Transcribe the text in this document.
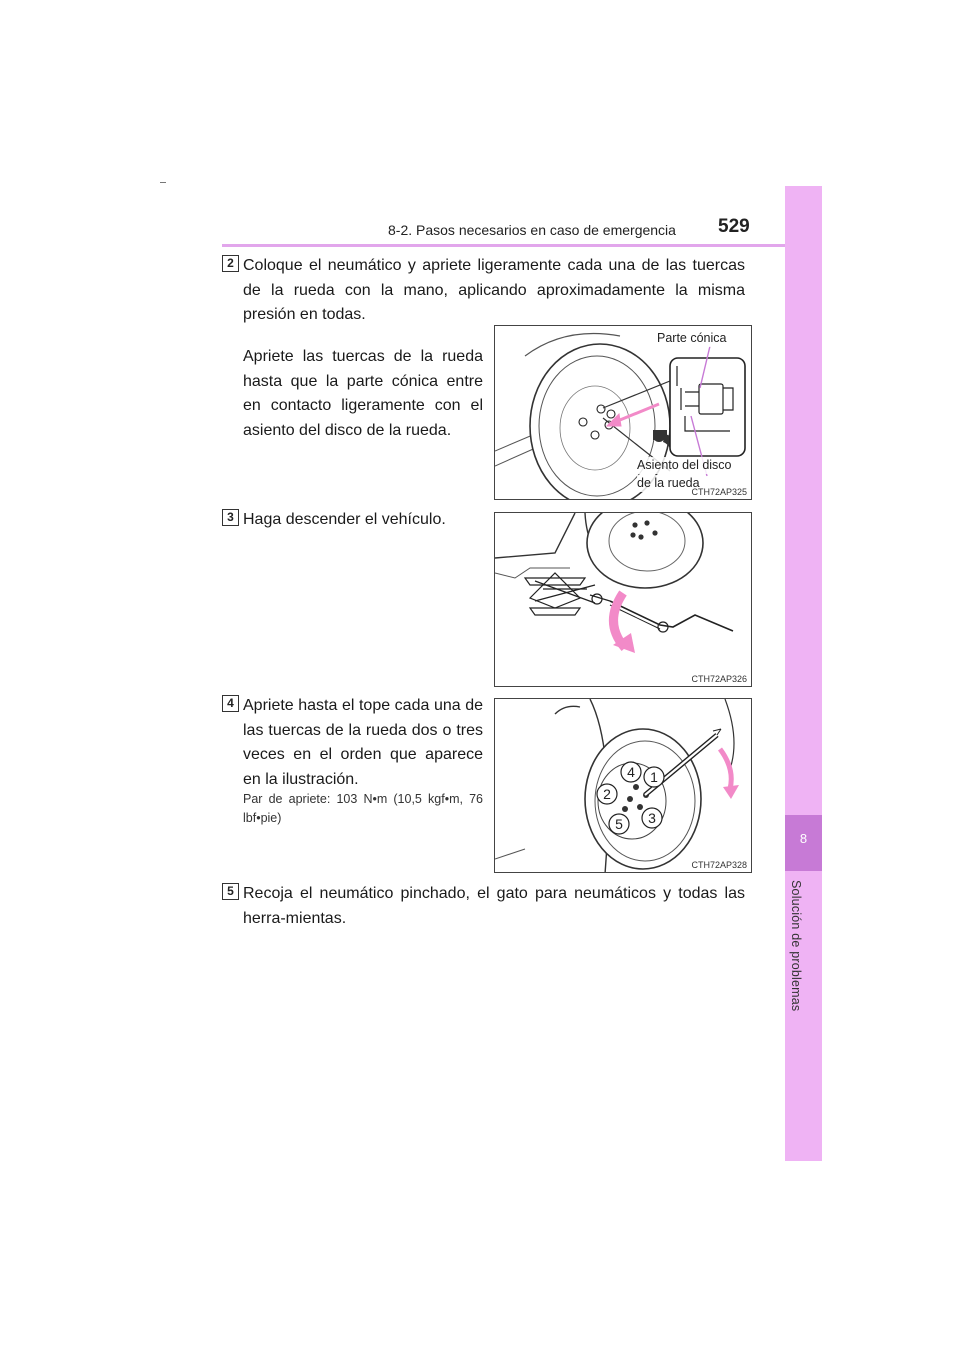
8-2. Pasos necesarios en caso de emergencia 529
8
Solución de problemas
2 Coloque el neumático y apriete ligeramente cada una de las tuercas de la rueda con la mano, aplicando aproximadamente la misma presión en todas.
Apriete las tuercas de la rueda hasta que la parte cónica entre en contacto ligeramente con el asiento del disco de la rueda.
Parte cónica
Asiento del disco
de la rueda
CTH72AP325
3 Haga descender el vehículo.
CTH72AP326
4 Apriete hasta el tope cada una de las tuercas de la rueda dos o tres veces en el orden que aparece en la ilustración.
Par de apriete: 103 N•m (10,5 kgf•m, 76 lbf•pie)
1
2
3
4
5
CTH72AP328
5 Recoja el neumático pinchado, el gato para neumáticos y todas las herra-mientas.
